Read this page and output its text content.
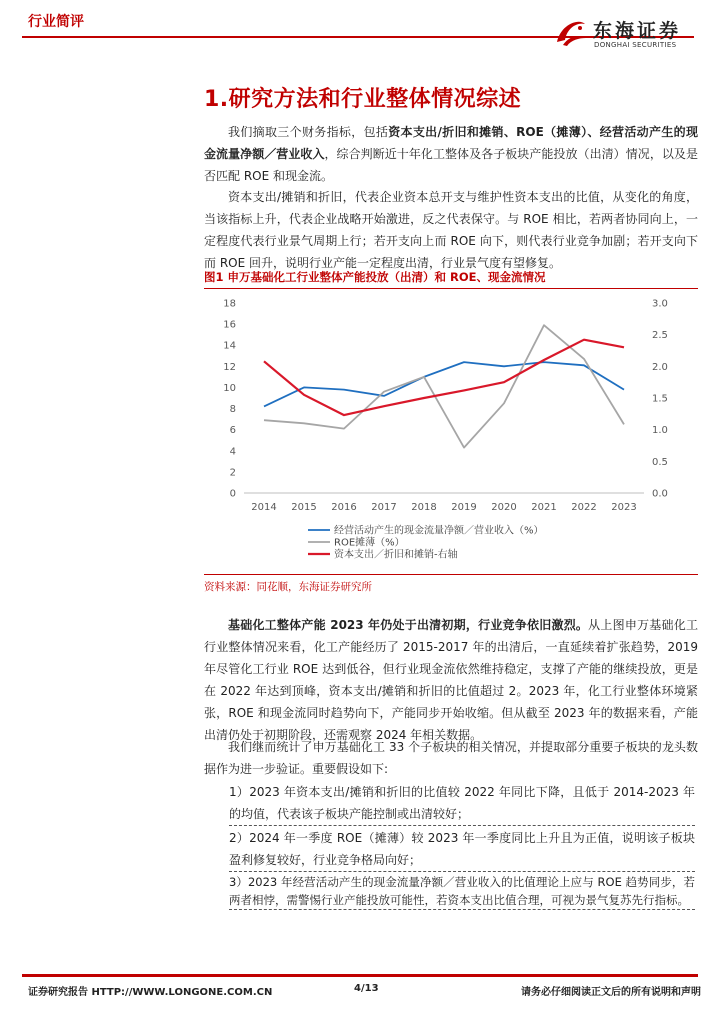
行业简评	东海证券
DONGHAI SECURITIES
1.研究方法和行业整体情况综述

我们摘取三个财务指标，包括资本支出/折旧和摊销、ROE（摊薄）、经营活动产生的现金流量净额／营业收入，综合判断近十年化工整体及各子板块产能投放（出清）情况，以及是否匹配 ROE 和现金流。

资本支出/摊销和折旧，代表企业资本总开支与维护性资本支出的比值，从变化的角度，当该指标上升，代表企业战略开始激进，反之代表保守。与 ROE 相比，若两者协同向上，一定程度代表行业景气周期上行；若开支向上而 ROE 向下，则代表行业竞争加剧；若开支向下而 ROE 回升，说明行业产能一定程度出清，行业景气度有望修复。

图1 申万基础化工行业整体产能投放（出清）和 ROE、现金流情况
0
2
4
6
8
10
12
14
16
18
0.0
0.5
1.0
1.5
2.0
2.5
3.0
2014 2015 2016 2017 2018 2019 2020 2021 2022 2023
经营活动产生的现金流量净额／营业收入（%）
ROE摊薄（%）
资本支出／折旧和摊销-右轴
资料来源：同花顺，东海证券研究所

基础化工整体产能 2023 年仍处于出清初期，行业竞争依旧激烈。从上图申万基础化工行业整体情况来看，化工产能经历了 2015-2017 年的出清后，一直延续着扩张趋势，2019 年尽管化工行业 ROE 达到低谷，但行业现金流依然维持稳定，支撑了产能的继续投放，更是在 2022 年达到顶峰，资本支出/摊销和折旧的比值超过 2。2023 年，化工行业整体环境紧张，ROE 和现金流同时趋势向下，产能同步开始收缩。但从截至 2023 年的数据来看，产能出清仍处于初期阶段，还需观察 2024 年相关数据。

我们继而统计了申万基础化工 33 个子板块的相关情况，并提取部分重要子板块的龙头数据作为进一步验证。重要假设如下:

1）2023 年资本支出/摊销和折旧的比值较 2022 年同比下降，且低于 2014-2023 年的均值，代表该子板块产能控制或出清较好；

2）2024 年一季度 ROE（摊薄）较 2023 年一季度同比上升且为正值，说明该子板块盈利修复较好，行业竞争格局向好；

3）2023 年经营活动产生的现金流量净额／营业收入的比值理论上应与 ROE 趋势同步，若两者相悖，需警惕行业产能投放可能性，若资本支出比值合理，可视为景气复苏先行指标。

证券研究报告 HTTP://WWW.LONGONE.COM.CN	4/13	请务必仔细阅读正文后的所有说明和声明
